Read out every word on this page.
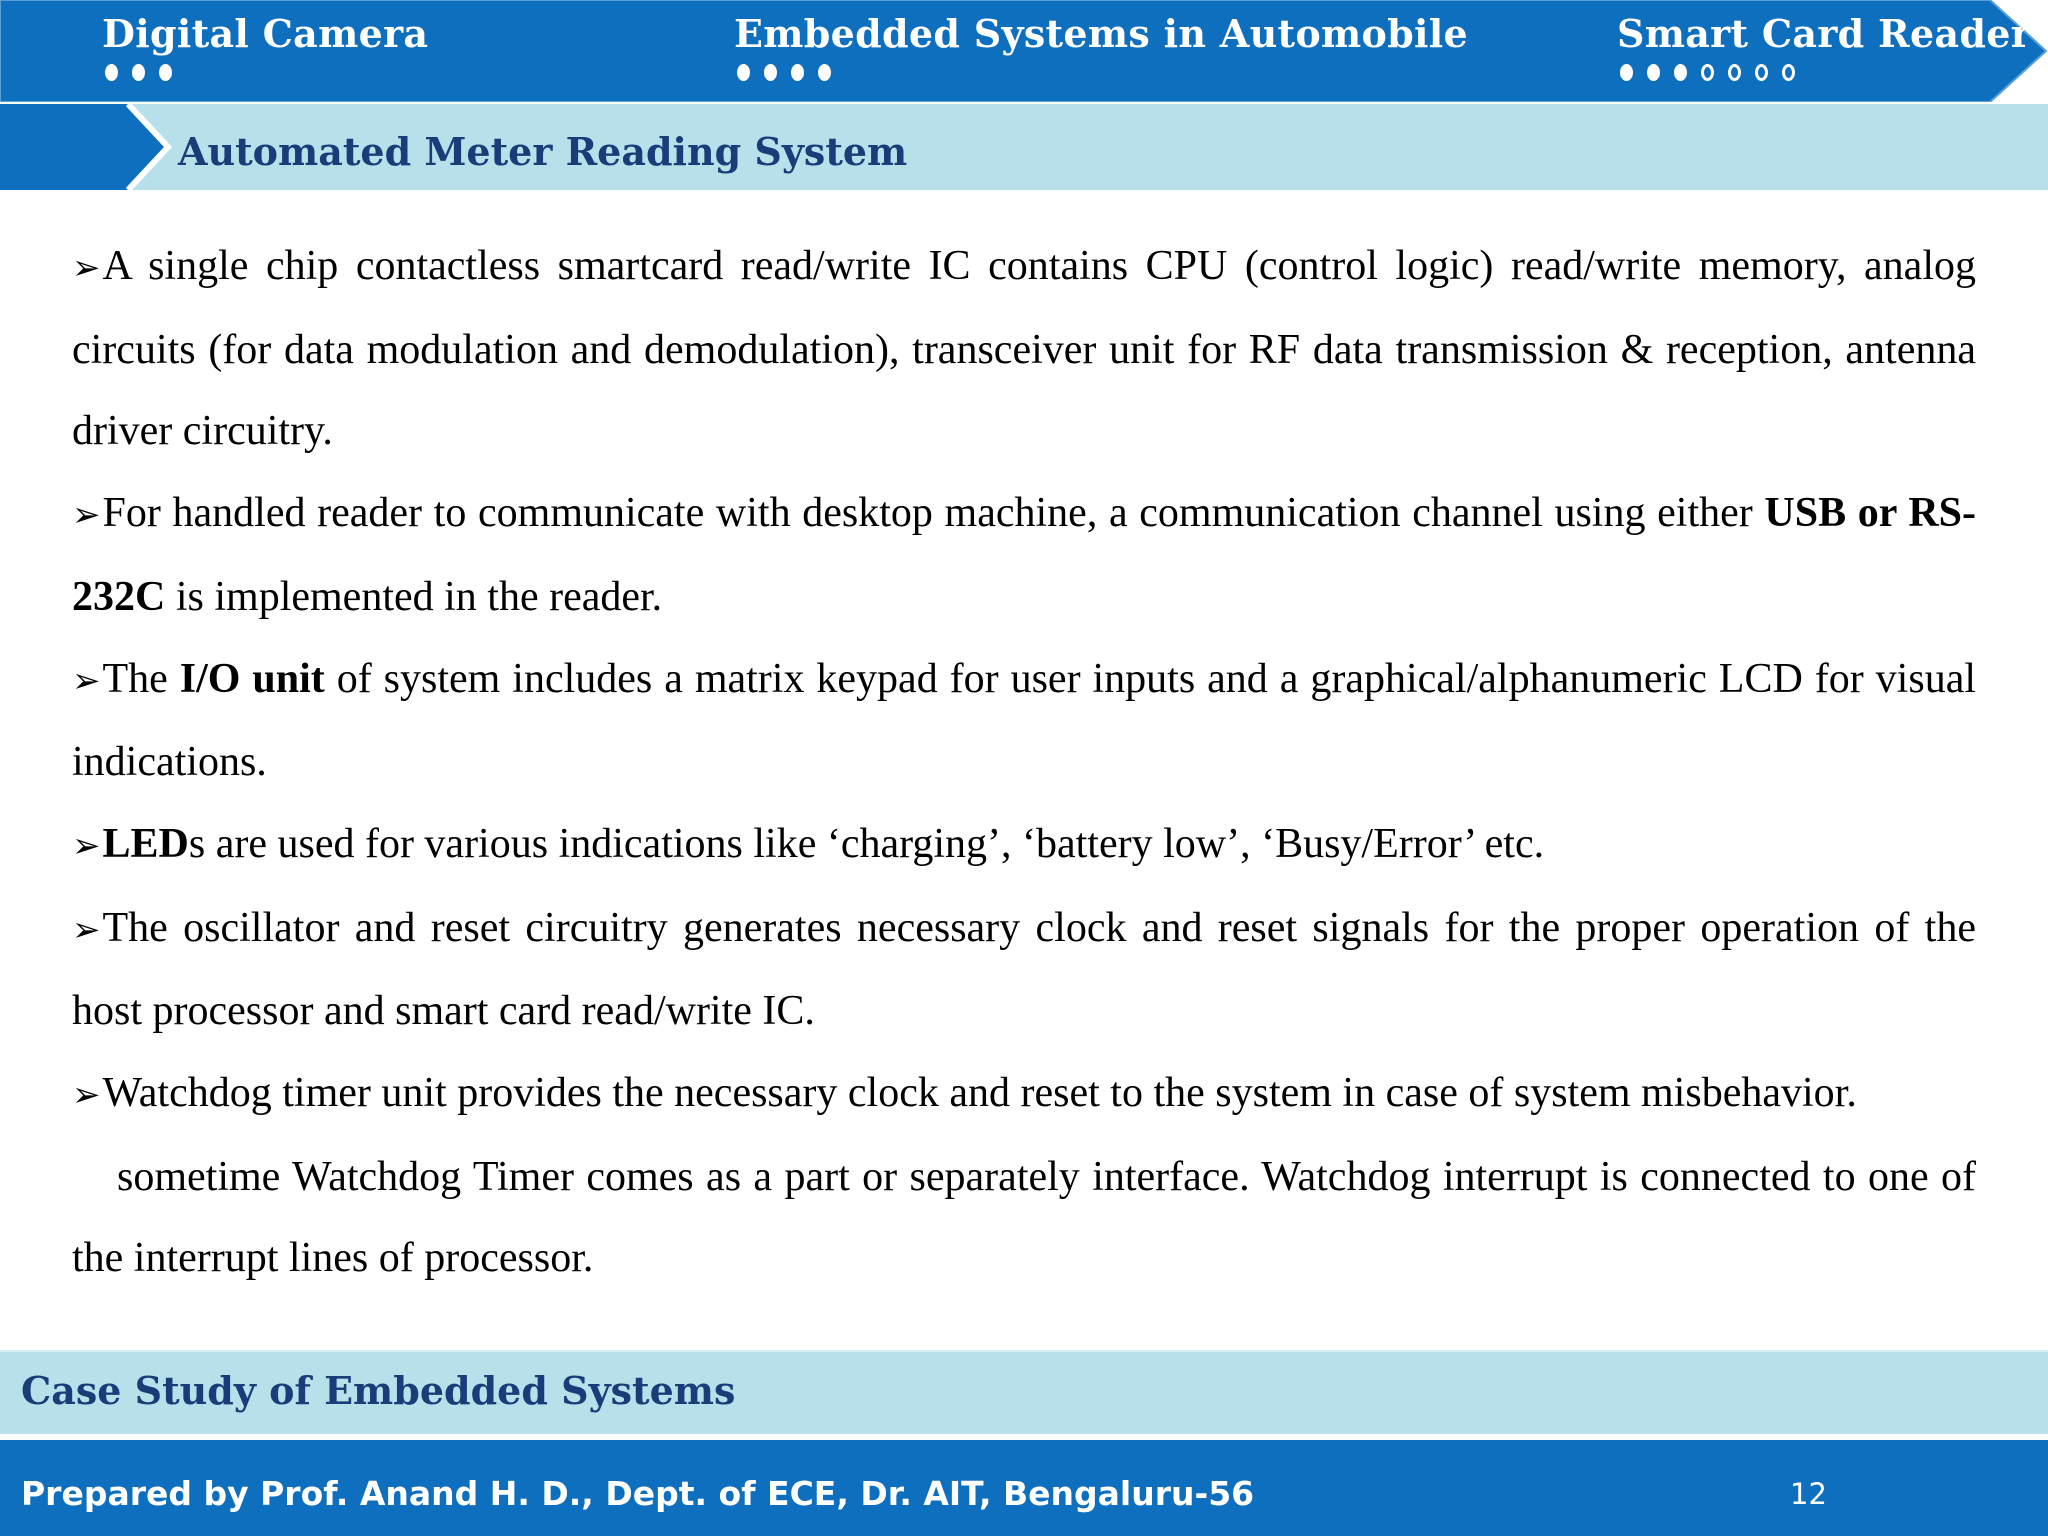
Digital Camera	Embedded Systems in Automobile	Smart Card Reader
Automated Meter Reading System

➢ A single chip contactless smartcard read/write IC contains CPU (control logic) read/write memory, analog circuits (for data modulation and demodulation), transceiver unit for RF data transmission & reception, antenna driver circuitry.

➢ For handled reader to communicate with desktop machine, a communication channel using either USB or RS-232C is implemented in the reader.

➢ The I/O unit of system includes a matrix keypad for user inputs and a graphical/alphanumeric LCD for visual indications.

➢ LEDs are used for various indications like ‘charging’, ‘battery low’, ‘Busy/Error’ etc.

➢ The oscillator and reset circuitry generates necessary clock and reset signals for the proper operation of the host processor and smart card read/write IC.

➢ Watchdog timer unit provides the necessary clock and reset to the system in case of system misbehavior.

sometime Watchdog Timer comes as a part or separately interface. Watchdog interrupt is connected to one of the interrupt lines of processor.

Case Study of Embedded Systems
Prepared by Prof. Anand H. D., Dept. of ECE, Dr. AIT, Bengaluru-56	12
